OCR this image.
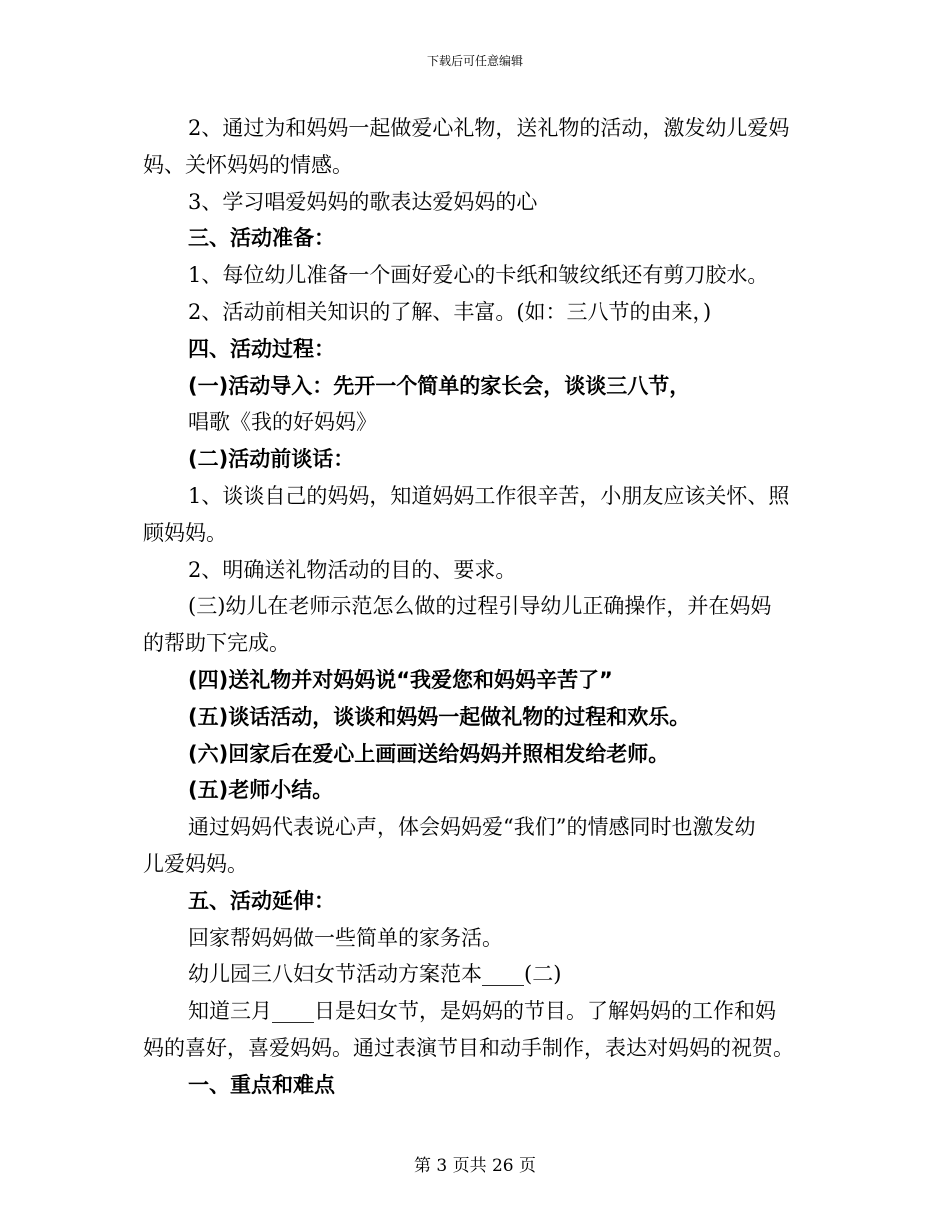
下载后可任意编辑
2、通过为和妈妈一起做爱心礼物，送礼物的活动，激发幼儿爱妈
妈、关怀妈妈的情感。
3、学习唱爱妈妈的歌表达爱妈妈的心
三、活动准备：
1、每位幼儿准备一个画好爱心的卡纸和皱纹纸还有剪刀胶水。
2、活动前相关知识的了解、丰富。(如：三八节的由来，)
四、活动过程：
(一)活动导入：先开一个简单的家长会，谈谈三八节，
唱歌《我的好妈妈》
(二)活动前谈话：
1、谈谈自己的妈妈，知道妈妈工作很辛苦，小朋友应该关怀、照
顾妈妈。
2、明确送礼物活动的目的、要求。
(三)幼儿在老师示范怎么做的过程引导幼儿正确操作，并在妈妈
的帮助下完成。
(四)送礼物并对妈妈说“我爱您和妈妈辛苦了”
(五)谈话活动，谈谈和妈妈一起做礼物的过程和欢乐。
(六)回家后在爱心上画画送给妈妈并照相发给老师。
(五)老师小结。
通过妈妈代表说心声，体会妈妈爱“我们”的情感同时也激发幼
儿爱妈妈。
五、活动延伸：
回家帮妈妈做一些简单的家务活。
幼儿园三八妇女节活动方案范本____(二)
知道三月____日是妇女节，是妈妈的节目。了解妈妈的工作和妈
妈的喜好，喜爱妈妈。通过表演节目和动手制作，表达对妈妈的祝贺。
一、重点和难点
第 3 页共 26 页
